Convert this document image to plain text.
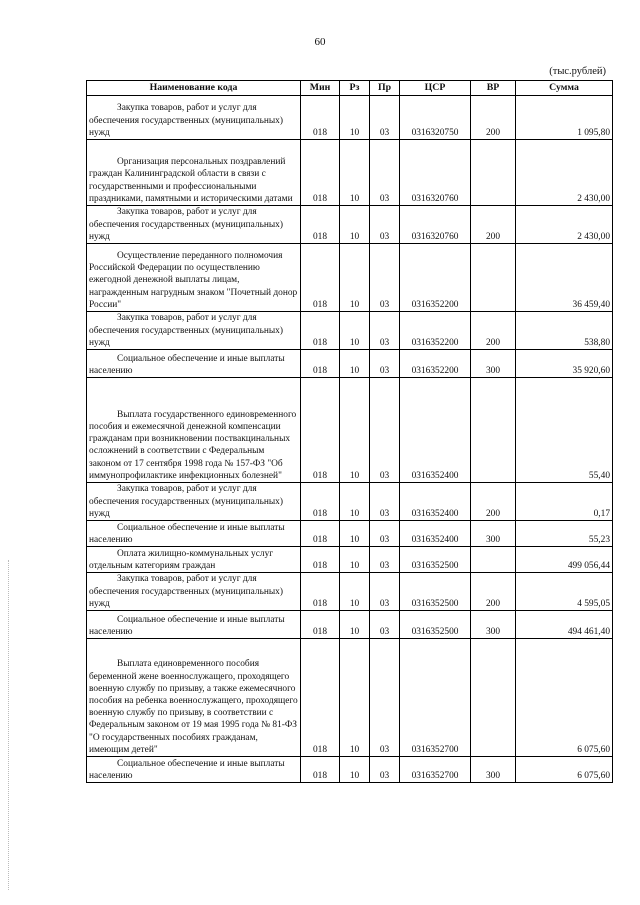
60
(тыс.рублей)
Наименование кода	Мин	Рз	Пр	ЦСР	ВР	Сумма
Закупка товаров, работ и услуг для обеспечения государственных (муниципальных) нужд	018	10	03	0316320750	200	1 095,80
Организация персональных поздравлений граждан Калининградской области в связи с государственными и профессиональными праздниками, памятными и историческими датами	018	10	03	0316320760		2 430,00
Закупка товаров, работ и услуг для обеспечения государственных (муниципальных) нужд	018	10	03	0316320760	200	2 430,00
Осуществление переданного полномочия Российской Федерации по осуществлению ежегодной денежной выплаты лицам, награжденным нагрудным знаком "Почетный донор России"	018	10	03	0316352200		36 459,40
Закупка товаров, работ и услуг для обеспечения государственных (муниципальных) нужд	018	10	03	0316352200	200	538,80
Социальное обеспечение и иные выплаты населению	018	10	03	0316352200	300	35 920,60
Выплата государственного единовременного пособия и ежемесячной денежной компенсации гражданам при возникновении поствакцинальных осложнений в соответствии с Федеральным законом от 17 сентября 1998 года № 157-ФЗ "Об иммунопрофилактике инфекционных болезней"	018	10	03	0316352400		55,40
Закупка товаров, работ и услуг для обеспечения государственных (муниципальных) нужд	018	10	03	0316352400	200	0,17
Социальное обеспечение и иные выплаты населению	018	10	03	0316352400	300	55,23
Оплата жилищно-коммунальных услуг отдельным категориям граждан	018	10	03	0316352500		499 056,44
Закупка товаров, работ и услуг для обеспечения государственных (муниципальных) нужд	018	10	03	0316352500	200	4 595,05
Социальное обеспечение и иные выплаты населению	018	10	03	0316352500	300	494 461,40
Выплата единовременного пособия беременной жене военнослужащего, проходящего военную службу по призыву, а также ежемесячного пособия на ребенка военнослужащего, проходящего военную службу по призыву, в соответствии с Федеральным законом от 19 мая 1995 года № 81-ФЗ "О государственных пособиях гражданам, имеющим детей"	018	10	03	0316352700		6 075,60
Социальное обеспечение и иные выплаты населению	018	10	03	0316352700	300	6 075,60
